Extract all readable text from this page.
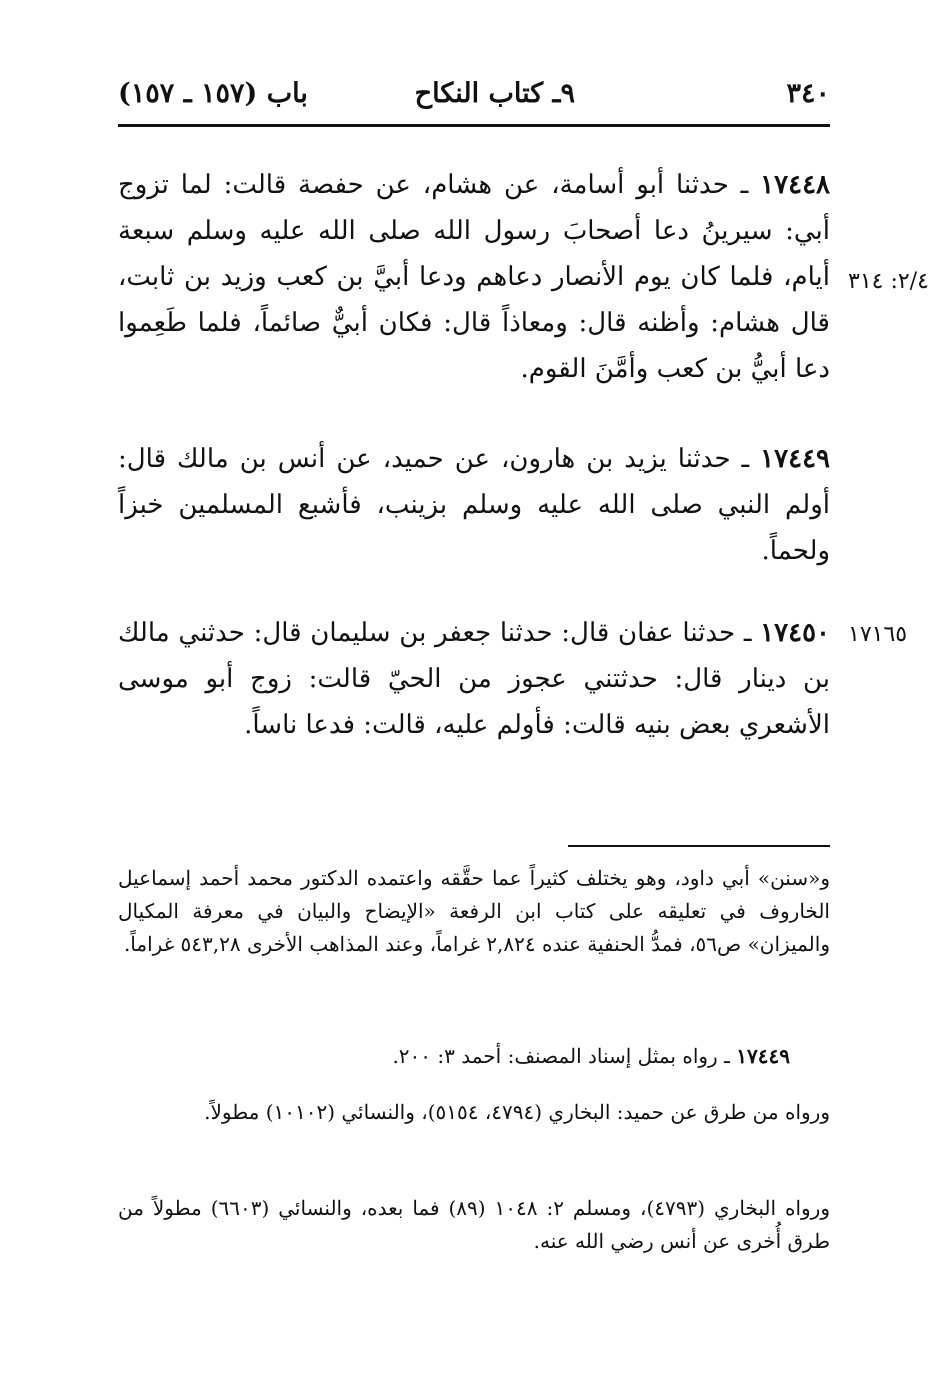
٣٤٠
٩ـ كتاب النكاح
باب (١٥٧ ـ ١٥٧)
١٧٤٤٨ ـ حدثنا أبو أسامة، عن هشام، عن حفصة قالت: لما تزوج أبي: سيرينُ دعا أصحابَ رسول الله صلى الله عليه وسلم سبعة أيام، فلما كان يوم الأنصار دعاهم ودعا أبيَّ بن كعب وزيد بن ثابت، قال هشام: وأظنه قال: ومعاذاً قال: فكان أبيٌّ صائماً، فلما طَعِموا دعا أبيُّ بن كعب وأمَّنَ القوم.
٢/٤: ٣١٤
١٧٤٤٩ ـ حدثنا يزيد بن هارون، عن حميد، عن أنس بن مالك قال: أولم النبي صلى الله عليه وسلم بزينب، فأشبع المسلمين خبزاً ولحماً.
١٧١٦٥
١٧٤٥٠ ـ حدثنا عفان قال: حدثنا جعفر بن سليمان قال: حدثني مالك بن دينار قال: حدثتني عجوز من الحيّ قالت: زوج أبو موسى الأشعري بعض بنيه قالت: فأولم عليه، قالت: فدعا ناساً.
و«سنن» أبي داود، وهو يختلف كثيراً عما حقَّقه واعتمده الدكتور محمد أحمد إسماعيل الخاروف في تعليقه على كتاب ابن الرفعة «الإيضاح والبيان في معرفة المكيال والميزان» ص٥٦، فمدُّ الحنفية عنده ٢,٨٢٤ غراماً، وعند المذاهب الأخرى ٥٤٣,٢٨ غراماً.
١٧٤٤٩ ـ رواه بمثل إسناد المصنف: أحمد ٣: ٢٠٠.
ورواه من طرق عن حميد: البخاري (٤٧٩٤، ٥١٥٤)، والنسائي (١٠١٠٢) مطولاً.
ورواه البخاري (٤٧٩٣)، ومسلم ٢: ١٠٤٨ (٨٩) فما بعده، والنسائي (٦٦٠٣) مطولاً من طرق أُخرى عن أنس رضي الله عنه.
